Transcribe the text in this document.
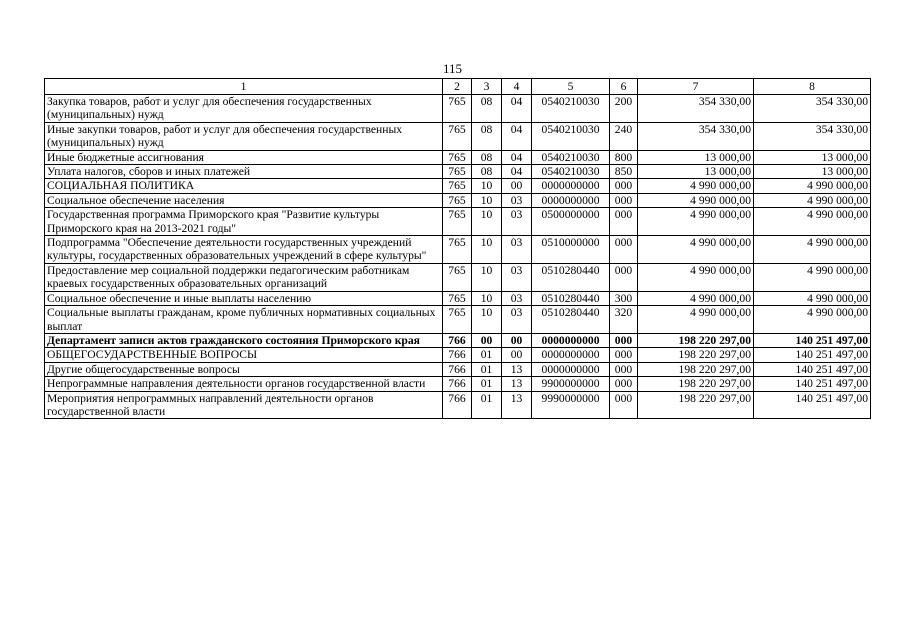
115
1	2	3	4	5	6	7	8
Закупка товаров, работ и услуг для обеспечения государственных (муниципальных) нужд	765	08	04	0540210030	200	354 330,00	354 330,00
Иные закупки товаров, работ и услуг для обеспечения государственных (муниципальных) нужд	765	08	04	0540210030	240	354 330,00	354 330,00
Иные бюджетные ассигнования	765	08	04	0540210030	800	13 000,00	13 000,00
Уплата налогов, сборов и иных платежей	765	08	04	0540210030	850	13 000,00	13 000,00
СОЦИАЛЬНАЯ ПОЛИТИКА	765	10	00	0000000000	000	4 990 000,00	4 990 000,00
Социальное обеспечение населения	765	10	03	0000000000	000	4 990 000,00	4 990 000,00
Государственная программа Приморского края "Развитие культуры Приморского края на 2013-2021 годы"	765	10	03	0500000000	000	4 990 000,00	4 990 000,00
Подпрограмма "Обеспечение деятельности государственных учреждений культуры, государственных образовательных учреждений в сфере культуры"	765	10	03	0510000000	000	4 990 000,00	4 990 000,00
Предоставление мер социальной поддержки педагогическим работникам краевых государственных образовательных организаций	765	10	03	0510280440	000	4 990 000,00	4 990 000,00
Социальное обеспечение и иные выплаты населению	765	10	03	0510280440	300	4 990 000,00	4 990 000,00
Социальные выплаты гражданам, кроме публичных нормативных социальных выплат	765	10	03	0510280440	320	4 990 000,00	4 990 000,00
Департамент записи актов гражданского состояния Приморского края	766	00	00	0000000000	000	198 220 297,00	140 251 497,00
ОБЩЕГОСУДАРСТВЕННЫЕ ВОПРОСЫ	766	01	00	0000000000	000	198 220 297,00	140 251 497,00
Другие общегосударственные вопросы	766	01	13	0000000000	000	198 220 297,00	140 251 497,00
Непрограммные направления деятельности органов государственной власти	766	01	13	9900000000	000	198 220 297,00	140 251 497,00
Мероприятия непрограммных направлений деятельности органов государственной власти	766	01	13	9990000000	000	198 220 297,00	140 251 497,00
